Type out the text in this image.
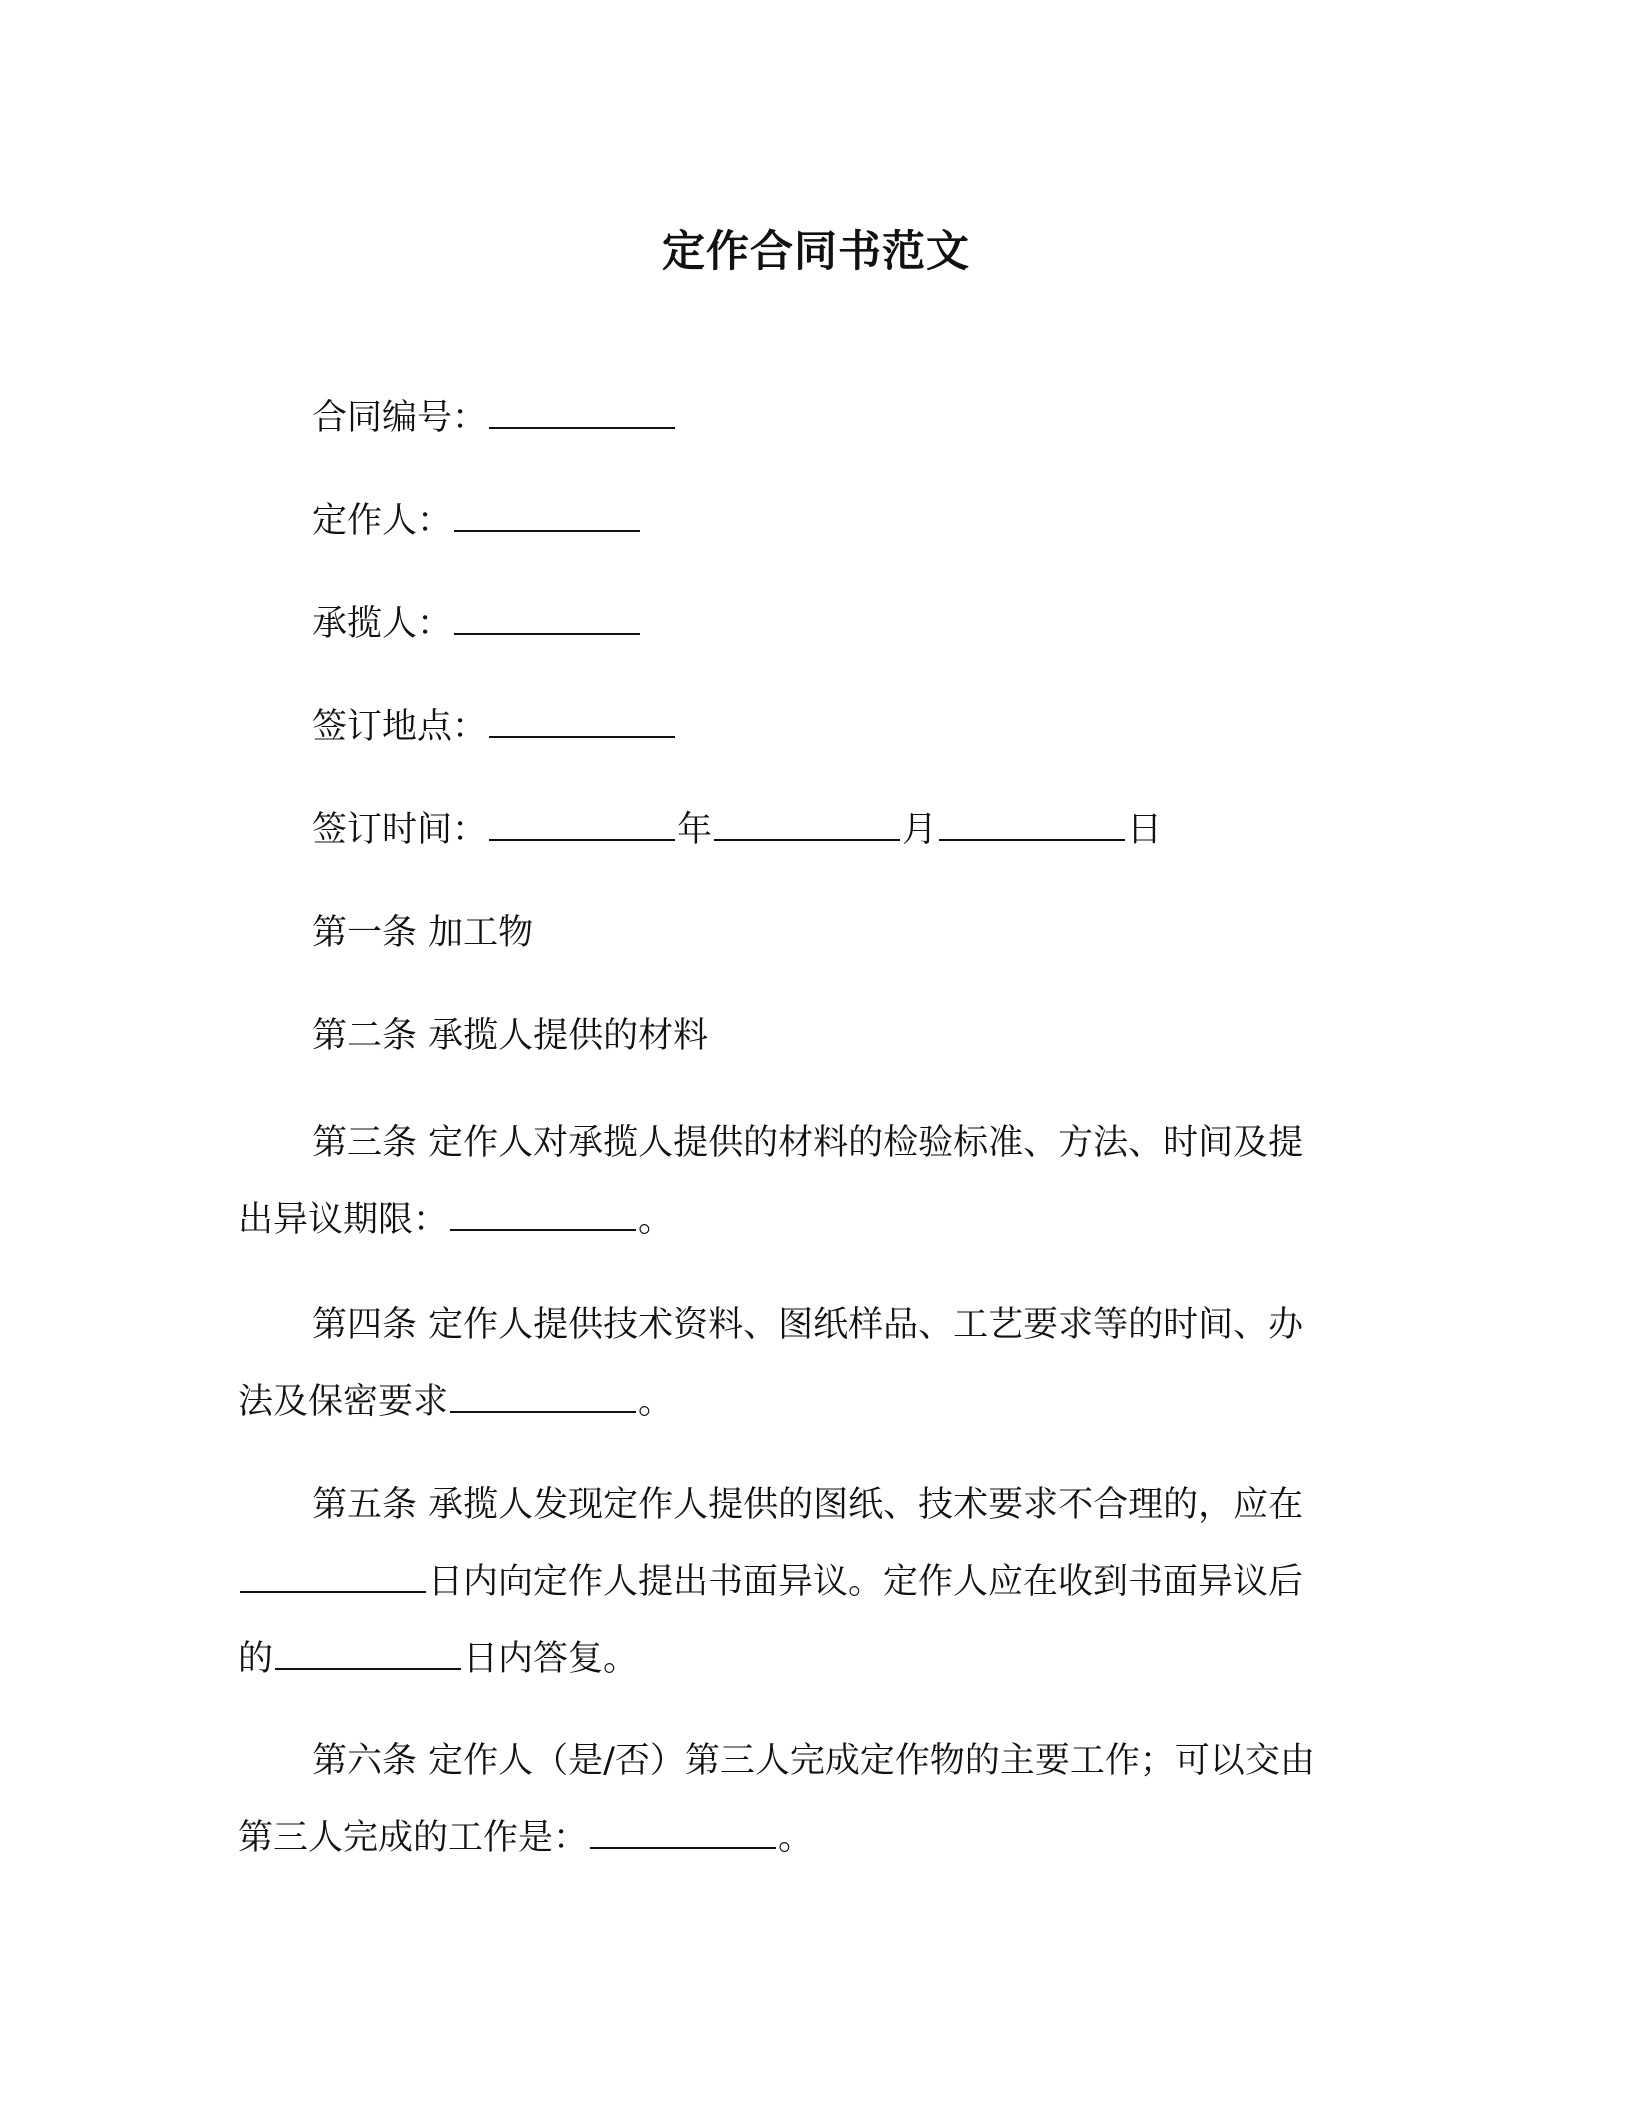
定作合同书范文
合同编号：
定作人：
承揽人：
签订地点：
签订时间：	年	月	日
第一条 加工物
第二条 承揽人提供的材料
第三条 定作人对承揽人提供的材料的检验标准、方法、时间及提
出异议期限：	。
第四条 定作人提供技术资料、图纸样品、工艺要求等的时间、办
法及保密要求	。
第五条 承揽人发现定作人提供的图纸、技术要求不合理的，应在
日内向定作人提出书面异议。定作人应在收到书面异议后
的	日内答复。
第六条 定作人（是/否）第三人完成定作物的主要工作；可以交由
第三人完成的工作是：	。
